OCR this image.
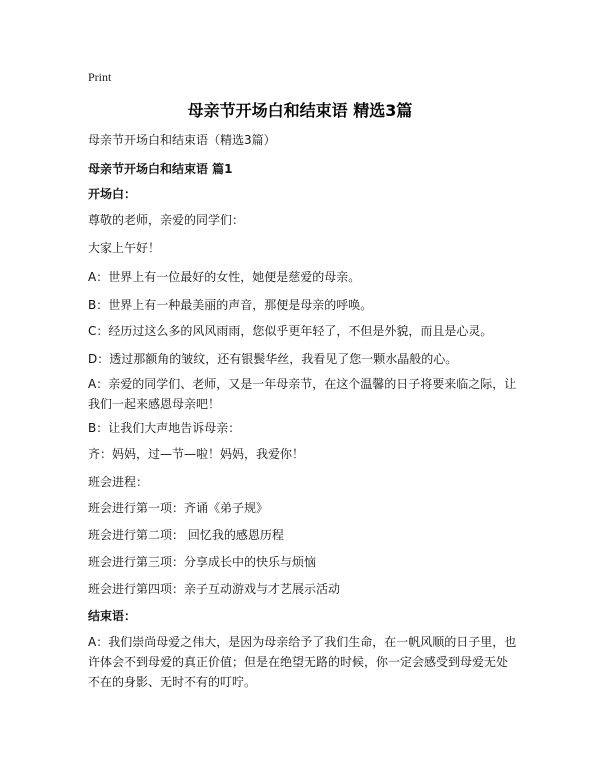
Print
母亲节开场白和结束语 精选3篇
母亲节开场白和结束语（精选3篇）
母亲节开场白和结束语 篇1
开场白：
尊敬的老师，亲爱的同学们：
大家上午好！
A：世界上有一位最好的女性，她便是慈爱的母亲。
B：世界上有一种最美丽的声音，那便是母亲的呼唤。
C：经历过这么多的风风雨雨，您似乎更年轻了，不但是外貌，而且是心灵。
D：透过那额角的皱纹，还有银鬓华丝，我看见了您一颗水晶般的心。
A：亲爱的同学们、老师，又是一年母亲节，在这个温馨的日子将要来临之际，让我们一起来感恩母亲吧！
B：让我们大声地告诉母亲：
齐：妈妈，过—节—啦！妈妈，我爱你！
班会进程：
班会进行第一项：齐诵《弟子规》
班会进行第二项： 回忆我的感恩历程
班会进行第三项：分享成长中的快乐与烦恼
班会进行第四项：亲子互动游戏与才艺展示活动
结束语：
A：我们崇尚母爱之伟大，是因为母亲给予了我们生命，在一帆风顺的日子里，也许体会不到母爱的真正价值；但是在绝望无路的时候，你一定会感受到母爱无处不在的身影、无时不有的叮咛。
